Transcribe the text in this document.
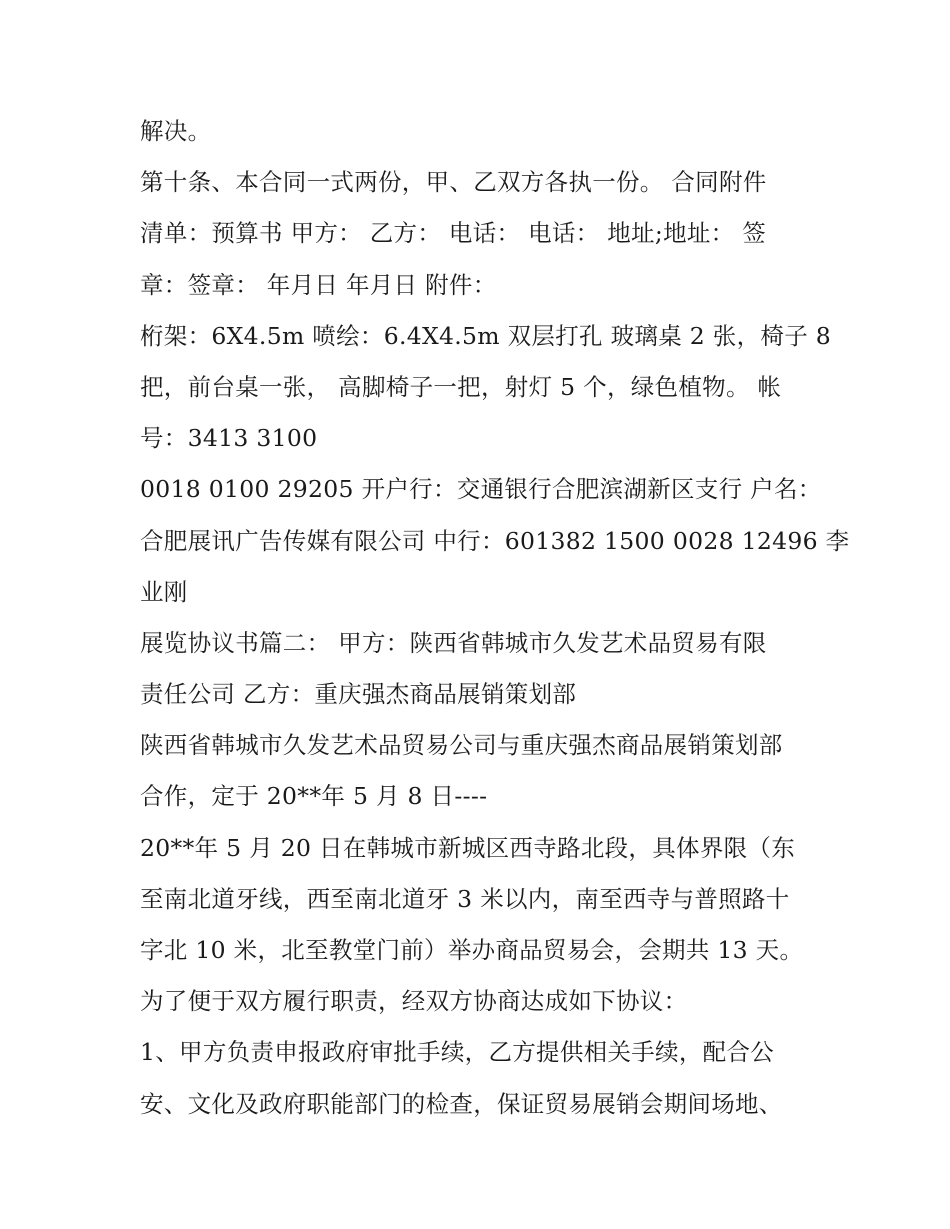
解决。
第十条、本合同一式两份，甲、乙双方各执一份。 合同附件
清单：预算书 甲方： 乙方： 电话： 电话： 地址;地址： 签
章：签章： 年月日 年月日 附件：
桁架：6X4.5m 喷绘：6.4X4.5m 双层打孔 玻璃桌 2 张，椅子 8
把，前台桌一张， 高脚椅子一把，射灯 5 个，绿色植物。 帐
号：3413 3100
0018 0100 29205 开户行：交通银行合肥滨湖新区支行 户名：
合肥展讯广告传媒有限公司 中行：601382 1500 0028 12496 李
业刚
展览协议书篇二： 甲方：陕西省韩城市久发艺术品贸易有限
责任公司 乙方：重庆强杰商品展销策划部
陕西省韩城市久发艺术品贸易公司与重庆强杰商品展销策划部
合作，定于 20**年 5 月 8 日----
20**年 5 月 20 日在韩城市新城区西寺路北段，具体界限（东
至南北道牙线，西至南北道牙 3 米以内，南至西寺与普照路十
字北 10 米，北至教堂门前）举办商品贸易会，会期共 13 天。
为了便于双方履行职责，经双方协商达成如下协议：
1、甲方负责申报政府审批手续，乙方提供相关手续，配合公
安、文化及政府职能部门的检查，保证贸易展销会期间场地、
